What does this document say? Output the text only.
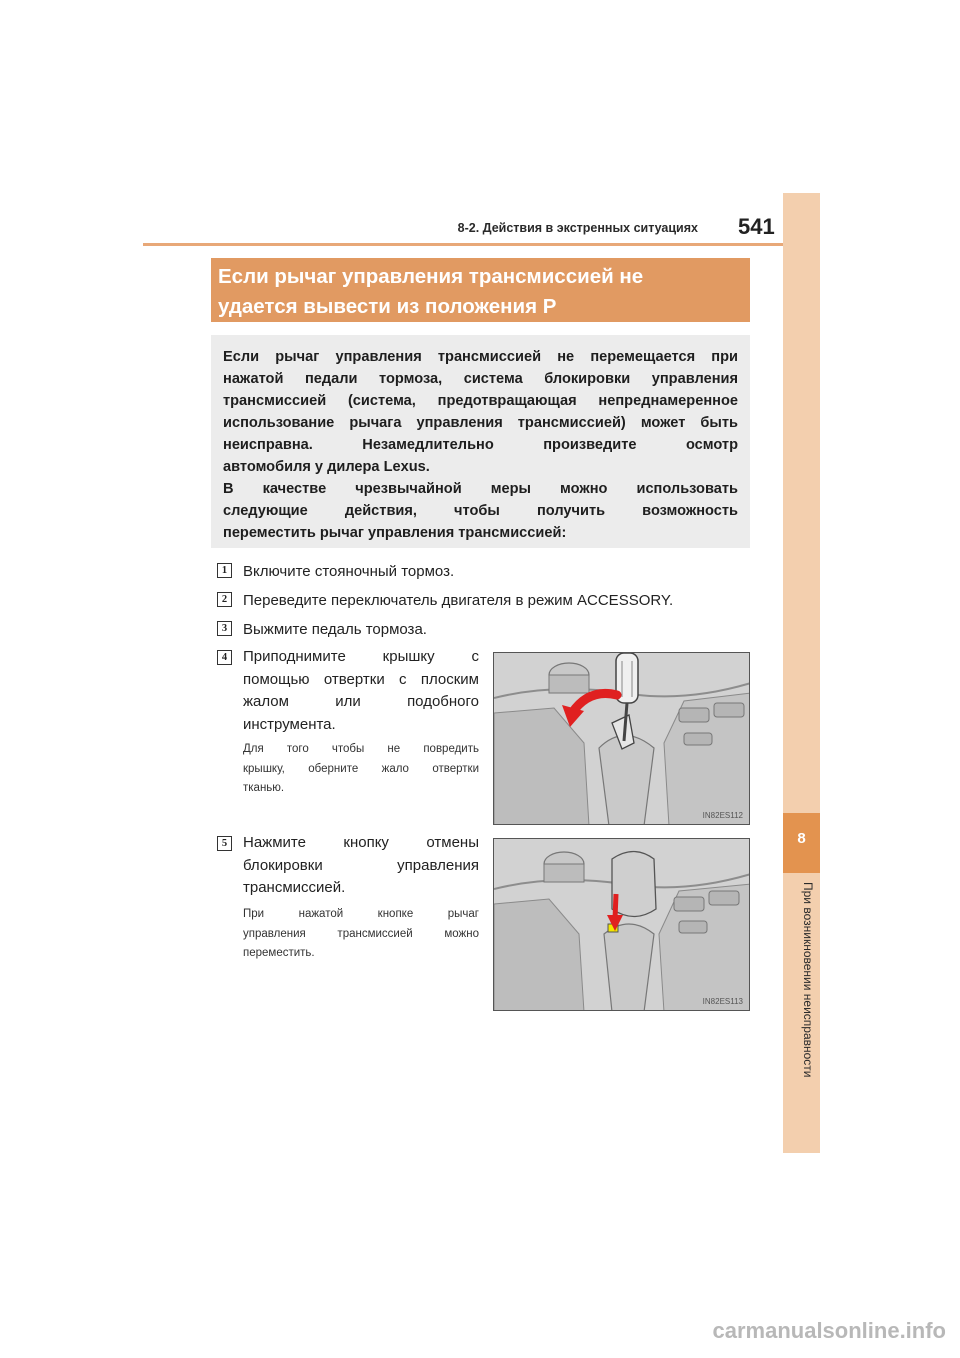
8-2. Действия в экстренных ситуациях 541
8
При возникновении неисправности
Если рычаг управления трансмиссией не
удается вывести из положения P
Если рычаг управления трансмиссией не перемещается при
нажатой педали тормоза, система блокировки управления
трансмиссией (система, предотвращающая непреднамеренное
использование рычага управления трансмиссией) может быть
неисправна. Незамедлительно произведите осмотр
автомобиля у дилера Lexus.
В качестве чрезвычайной меры можно использовать
следующие действия, чтобы получить возможность
переместить рычаг управления трансмиссией:
1	Включите стояночный тормоз.
2	Переведите переключатель двигателя в режим ACCESSORY.
3	Выжмите педаль тормоза.
4	Приподнимите крышку с
помощью отвертки с плоским
жалом или подобного
инструмента.
Для того чтобы не повредить
крышку, оберните жало отвертки
тканью.
IN82ES112
5	Нажмите кнопку отмены
блокировки управления
трансмиссией.
При нажатой кнопке рычаг
управления трансмиссией можно
переместить.
IN82ES113
carmanualsonline.info
